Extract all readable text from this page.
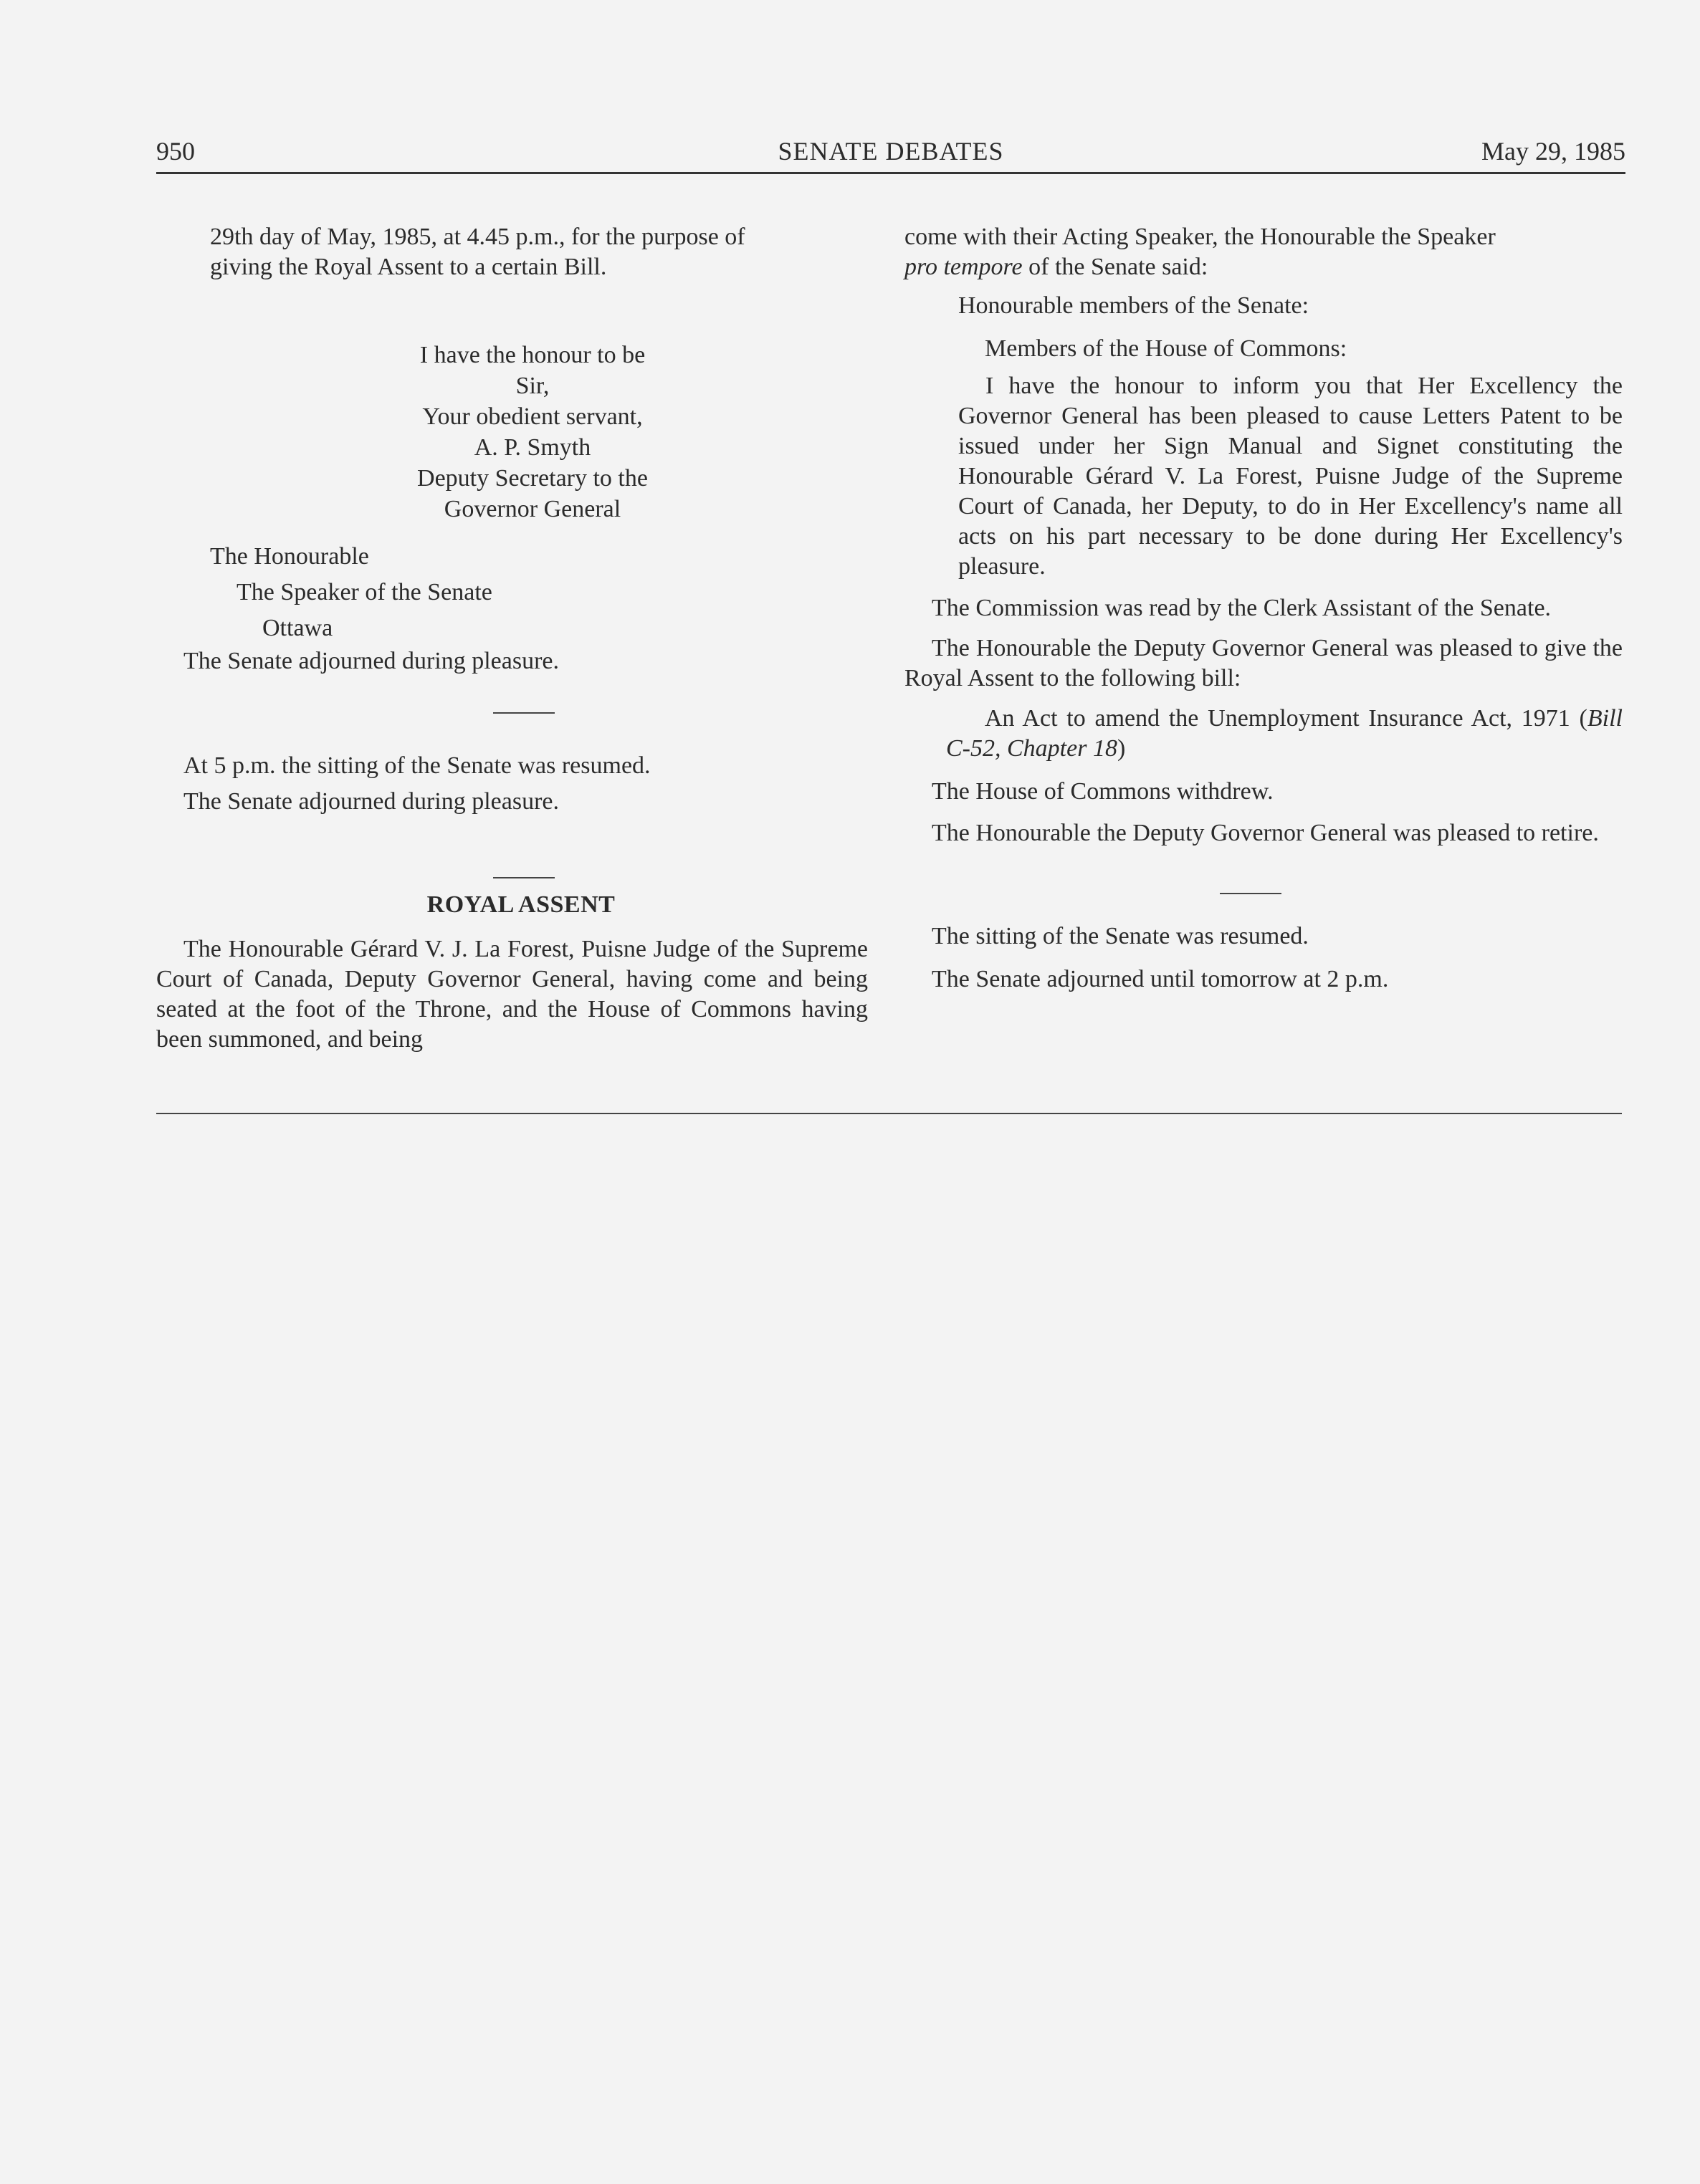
950	SENATE DEBATES	May 29, 1985

29th day of May, 1985, at 4.45 p.m., for the purpose of

giving the Royal Assent to a certain Bill.

I have the honour to be

Sir,

Your obedient servant,

A. P. Smyth

Deputy Secretary to the

Governor General

The Honourable

The Speaker of the Senate

Ottawa

The Senate adjourned during pleasure.

At 5 p.m. the sitting of the Senate was resumed.

The Senate adjourned during pleasure.

ROYAL ASSENT

The Honourable Gérard V. J. La Forest, Puisne Judge of the Supreme Court of Canada, Deputy Governor General, having come and being seated at the foot of the Throne, and the House of Commons having been summoned, and being

come with their Acting Speaker, the Honourable the Speaker
pro tempore of the Senate said:

Honourable members of the Senate:

Members of the House of Commons:

I have the honour to inform you that Her Excellency the Governor General has been pleased to cause Letters Patent to be issued under her Sign Manual and Signet constituting the Honourable Gérard V. La Forest, Puisne Judge of the Supreme Court of Canada, her Deputy, to do in Her Excellency's name all acts on his part necessary to be done during Her Excellency's pleasure.

The Commission was read by the Clerk Assistant of the Senate.

The Honourable the Deputy Governor General was pleased to give the Royal Assent to the following bill:

An Act to amend the Unemployment Insurance Act, 1971 (Bill C-52, Chapter 18)

The House of Commons withdrew.

The Honourable the Deputy Governor General was pleased to retire.

The sitting of the Senate was resumed.

The Senate adjourned until tomorrow at 2 p.m.
